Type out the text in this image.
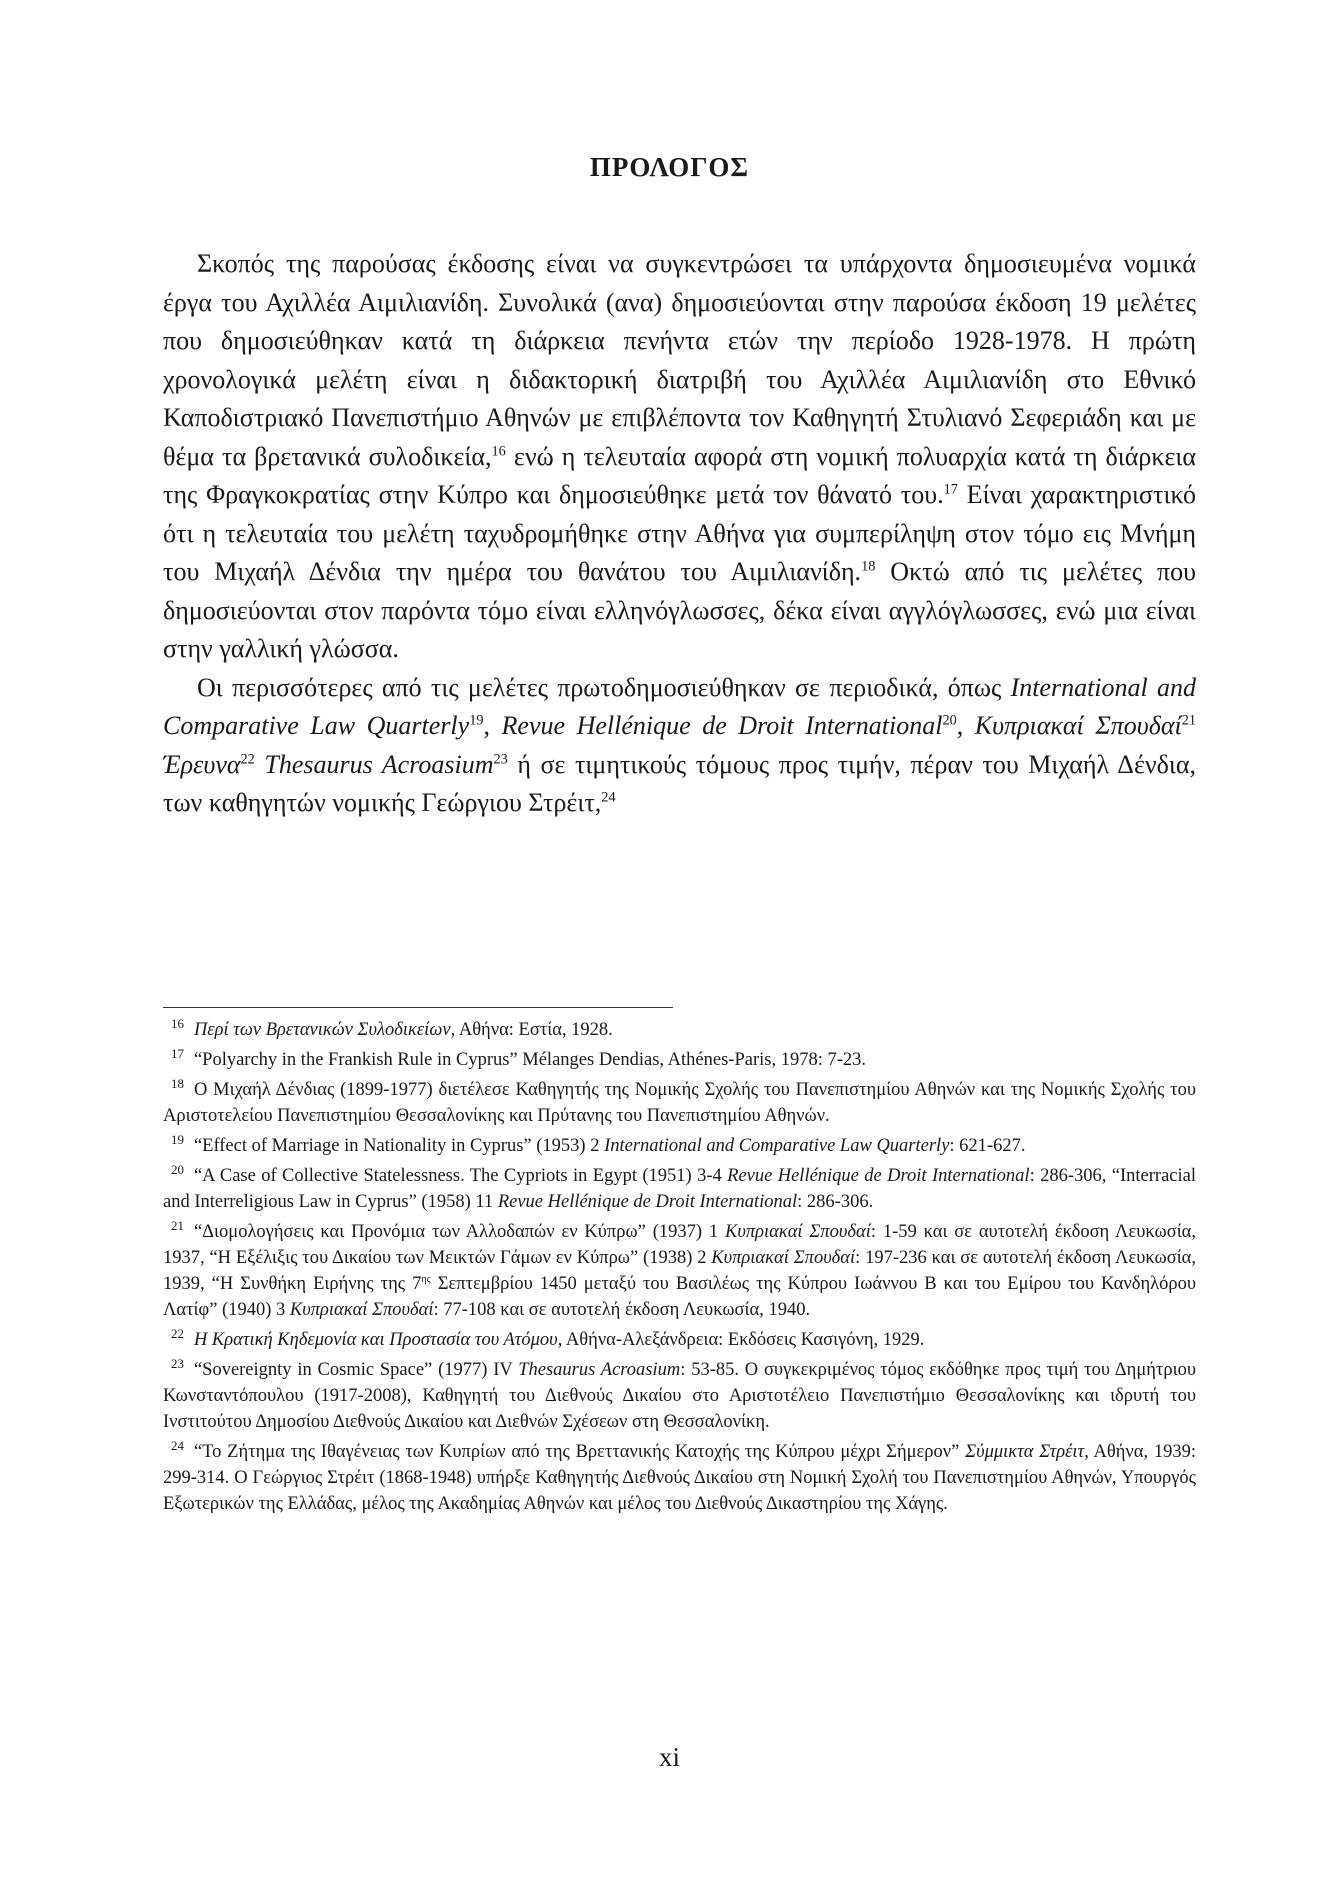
ΠΡΟΛΟΓΟΣ

Σκοπός της παρούσας έκδοσης είναι να συγκεντρώσει τα υπάρχοντα δημοσιευμένα νομικά έργα του Αχιλλέα Αιμιλιανίδη. Συνολικά (ανα) δημοσιεύονται στην παρούσα έκδοση 19 μελέτες που δημοσιεύθηκαν κατά τη διάρκεια πενήντα ετών την περίοδο 1928-1978. Η πρώτη χρονολογικά μελέτη είναι η διδακτορική διατριβή του Αχιλλέα Αιμιλιανίδη στο Εθνικό Καποδιστριακό Πανεπιστήμιο Αθηνών με επιβλέποντα τον Καθηγητή Στυλιανό Σεφεριάδη και με θέμα τα βρετανικά συλοδικεία,$^{16}$ ενώ η τελευταία αφορά στη νομική πολυαρχία κατά τη διάρκεια της Φραγκοκρατίας στην Κύπρο και δημοσιεύθηκε μετά τον θάνατό του.$^{17}$ Είναι χαρακτηριστικό ότι η τελευταία του μελέτη ταχυδρομήθηκε στην Αθήνα για συμπερίληψη στον τόμο εις Μνήμη του Μιχαήλ Δένδια την ημέρα του θανάτου του Αιμιλιανίδη.$^{18}$ Οκτώ από τις μελέτες που δημοσιεύονται στον παρόντα τόμο είναι ελληνόγλωσσες, δέκα είναι αγγλόγλωσσες, ενώ μια είναι στην γαλλική γλώσσα.

Οι περισσότερες από τις μελέτες πρωτοδημοσιεύθηκαν σε περιοδικά, όπως International and Comparative Law Quarterly$^{19}$, Revue Hellénique de Droit International$^{20}$, Κυπριακαί Σπουδαί$^{21}$ Έρευνα$^{22}$ Thesaurus Acroasium$^{23}$ ή σε τιμητικούς τόμους προς τιμήν, πέραν του Μιχαήλ Δένδια, των καθηγητών νομικής Γεώργιου Στρέιτ,$^{24}$

$^{16}$ Περί των Βρετανικών Συλοδικείων, Αθήνα: Εστία, 1928.

$^{17}$ “Polyarchy in the Frankish Rule in Cyprus” Mélanges Dendias, Athénes-Paris, 1978: 7-23.

$^{18}$ Ο Μιχαήλ Δένδιας (1899-1977) διετέλεσε Καθηγητής της Νομικής Σχολής του Πανεπιστημίου Αθηνών και της Νομικής Σχολής του Αριστοτελείου Πανεπιστημίου Θεσσαλονίκης και Πρύτανης του Πανεπιστημίου Αθηνών.

$^{19}$ “Effect of Marriage in Nationality in Cyprus” (1953) 2 International and Comparative Law Quarterly: 621-627.

$^{20}$ “A Case of Collective Statelessness. The Cypriots in Egypt (1951) 3-4 Revue Hellénique de Droit International: 286-306, “Interracial and Interreligious Law in Cyprus” (1958) 11 Revue Hellénique de Droit International: 286-306.

$^{21}$ “Διομολογήσεις και Προνόμια των Αλλοδαπών εν Κύπρω” (1937) 1 Κυπριακαί Σπουδαί: 1-59 και σε αυτοτελή έκδοση Λευκωσία, 1937, “Η Εξέλιξις του Δικαίου των Μεικτών Γάμων εν Κύπρω” (1938) 2 Κυπριακαί Σπουδαί: 197-236 και σε αυτοτελή έκδοση Λευκωσία, 1939, “Η Συνθήκη Ειρήνης της $7^{\eta\varsigma}$ Σεπτεμβρίου 1450 μεταξύ του Βασιλέως της Κύπρου Ιωάννου Β και του Εμίρου του Κανδηλόρου Λατίφ” (1940) 3 Κυπριακαί Σπουδαί: 77-108 και σε αυτοτελή έκδοση Λευκωσία, 1940.

$^{22}$ Η Κρατική Κηδεμονία και Προστασία του Ατόμου, Αθήνα-Αλεξάνδρεια: Εκδόσεις Κασιγόνη, 1929.

$^{23}$ “Sovereignty in Cosmic Space” (1977) IV Thesaurus Acroasium: 53-85. Ο συγκεκριμένος τόμος εκδόθηκε προς τιμή του Δημήτριου Κωνσταντόπουλου (1917-2008), Καθηγητή του Διεθνούς Δικαίου στο Αριστοτέλειο Πανεπιστήμιο Θεσσαλονίκης και ιδρυτή του Ινστιτούτου Δημοσίου Διεθνούς Δικαίου και Διεθνών Σχέσεων στη Θεσσαλονίκη.

$^{24}$ “Το Ζήτημα της Ιθαγένειας των Κυπρίων από της Βρεττανικής Κατοχής της Κύπρου μέχρι Σήμερον” Σύμμικτα Στρέιτ, Αθήνα, 1939: 299-314. Ο Γεώργιος Στρέιτ (1868-1948) υπήρξε Καθηγητής Διεθνούς Δικαίου στη Νομική Σχολή του Πανεπιστημίου Αθηνών, Υπουργός Εξωτερικών της Ελλάδας, μέλος της Ακαδημίας Αθηνών και μέλος του Διεθνούς Δικαστηρίου της Χάγης.

xi
